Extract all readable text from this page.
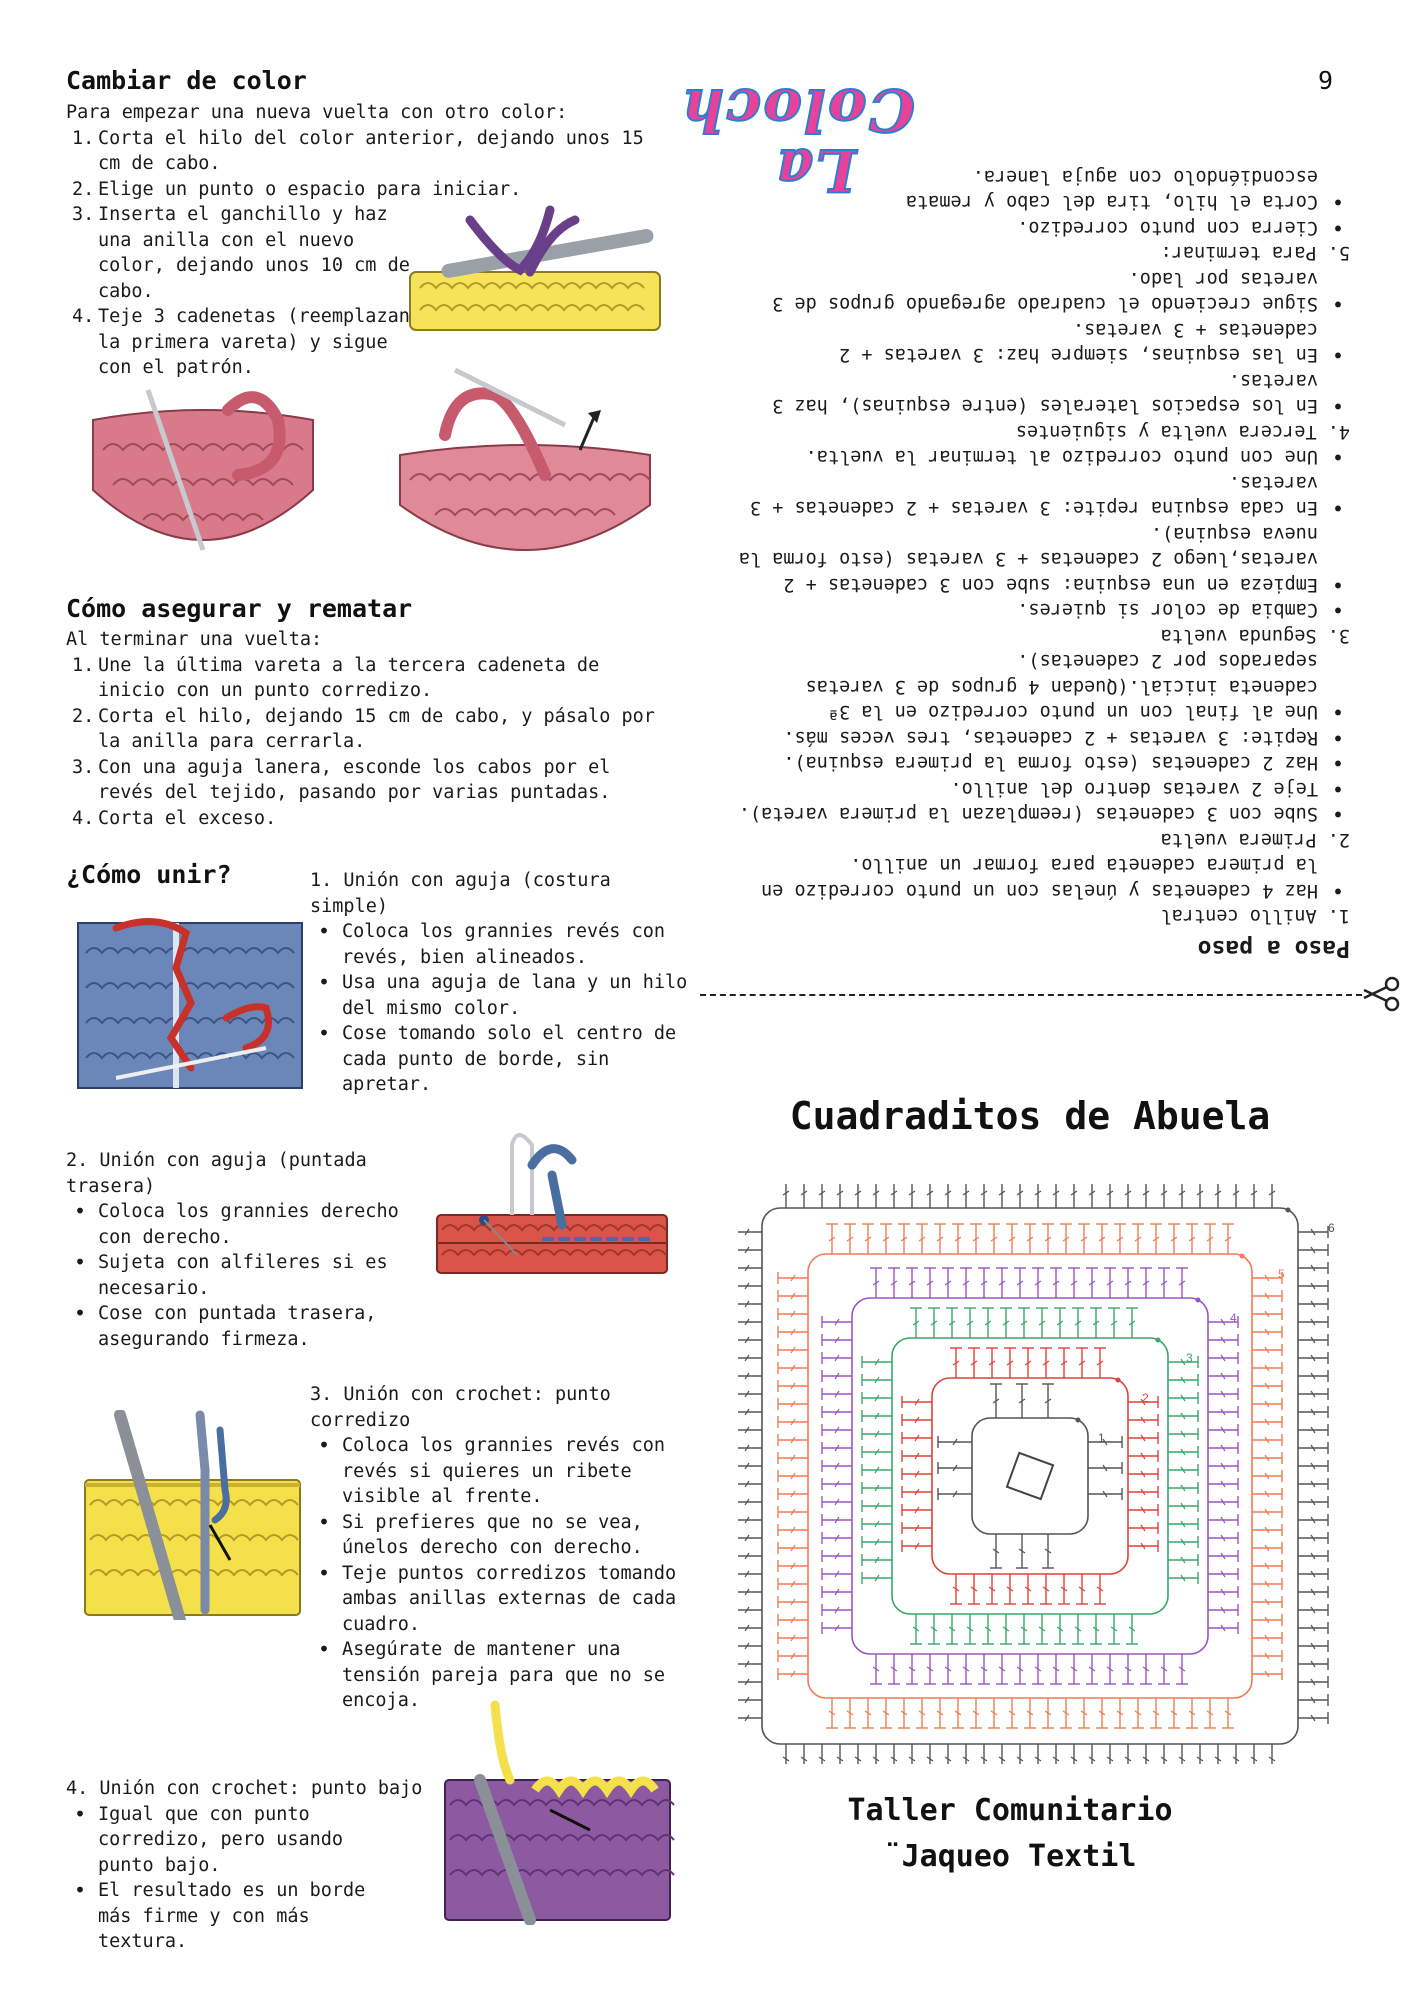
Cambiar de color
Para empezar una nueva vuelta con otro color:
1. Corta el hilo del color anterior, dejando unos 15 cm de cabo.
2. Elige un punto o espacio para iniciar.
3. Inserta el ganchillo y haz una anilla con el nuevo color, dejando unos 10 cm de cabo.
4. Teje 3 cadenetas (reemplazan la primera vareta) y sigue con el patrón.
Cómo asegurar y rematar
Al terminar una vuelta:
1. Une la última vareta a la tercera cadeneta de inicio con un punto corredizo.
2. Corta el hilo, dejando 15 cm de cabo, y pásalo por la anilla para cerrarla.
3. Con una aguja lanera, esconde los cabos por el revés del tejido, pasando por varias puntadas.
4. Corta el exceso.
¿Cómo unir?	1. Unión con aguja (costura simple)
• Coloca los grannies revés con revés, bien alineados.
• Usa una aguja de lana y un hilo del mismo color.
• Cose tomando solo el centro de cada punto de borde, sin apretar.
2. Unión con aguja (puntada trasera)
• Coloca los grannies derecho con derecho.
• Sujeta con alfileres si es necesario.
• Cose con puntada trasera, asegurando firmeza.
3. Unión con crochet: punto corredizo
• Coloca los grannies revés con revés si quieres un ribete visible al frente.
• Si prefieres que no se vea, únelos derecho con derecho.
• Teje puntos corredizos tomando ambas anillas externas de cada cuadro.
• Asegúrate de mantener una tensión pareja para que no se encoja.
4. Unión con crochet: punto bajo
• Igual que con punto corredizo, pero usando punto bajo.
• El resultado es un borde más firme y con más textura.
9
La Coloch
Paso a paso
1. Anillo central
• Haz 4 cadenetas y únelas con un punto corredizo en la primera cadeneta para formar un anillo.
2. Primera vuelta
• Sube con 3 cadenetas (reemplazan la primera vareta).
• Teje 2 varetas dentro del anillo.
• Haz 2 cadenetas (esto forma la primera esquina).
• Repite: 3 varetas + 2 cadenetas, tres veces más.
• Une al final con un punto corredizo en la 3ª cadeneta inicial.(Quedan 4 grupos de 3 varetas separados por 2 cadenetas).
3. Segunda vuelta
• Cambia de color si quieres.
• Empieza en una esquina: sube con 3 cadenetas + 2 varetas,luego 2 cadenetas + 3 varetas (esto forma la nueva esquina).
• En cada esquina repite: 3 varetas + 2 cadenetas + 3 varetas.
• Une con punto corredizo al terminar la vuelta.
4. Tercera vuelta y siguientes
• En los espacios laterales (entre esquinas), haz 3 varetas.
• En las esquinas, siempre haz: 3 varetas + 2 cadenetas + 3 varetas.
• Sigue creciendo el cuadrado agregando grupos de 3 varetas por lado.
5. Para terminar:
• Cierra con punto corredizo.
• Corta el hilo, tira del cabo y remata escondiéndolo con aguja lanera.
Cuadraditos de Abuela
1
2
3
4
5
6
Taller Comunitario
¨Jaqueo Textil
